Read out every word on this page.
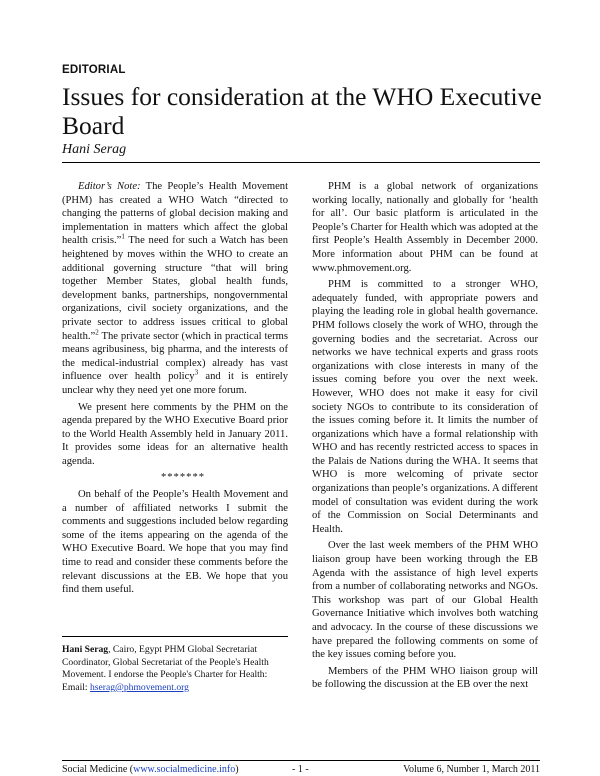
EDITORIAL
Issues for consideration at the WHO Executive Board
Hani Serag

Editor’s Note: The People’s Health Movement (PHM) has created a WHO Watch “directed to changing the patterns of global decision making and implementation in matters which affect the global health crisis.”$^1$ The need for such a Watch has been heightened by moves within the WHO to create an additional governing structure “that will bring together Member States, global health funds, development banks, partnerships, nongovernmental organizations, civil society organizations, and the private sector to address issues critical to global health.”$^2$ The private sector (which in practical terms means agribusiness, big pharma, and the interests of the medical-industrial complex) already has vast influence over health policy$^3$ and it is entirely unclear why they need yet one more forum.

We present here comments by the PHM on the agenda prepared by the WHO Executive Board prior to the World Health Assembly held in January 2011. It provides some ideas for an alternative health agenda.

*******

On behalf of the People’s Health Movement and a number of affiliated networks I submit the comments and suggestions included below regarding some of the items appearing on the agenda of the WHO Executive Board. We hope that you may find time to read and consider these comments before the relevant discussions at the EB. We hope that you find them useful.

Hani Serag, Cairo, Egypt PHM Global Secretariat Coordinator, Global Secretariat of the People's Health Movement. I endorse the People's Charter for Health:
Email: hserag@phmovement.org

PHM is a global network of organizations working locally, nationally and globally for ‘health for all’. Our basic platform is articulated in the People’s Charter for Health which was adopted at the first People’s Health Assembly in December 2000. More information about PHM can be found at www.phmovement.org.

PHM is committed to a stronger WHO, adequately funded, with appropriate powers and playing the leading role in global health governance. PHM follows closely the work of WHO, through the governing bodies and the secretariat. Across our networks we have technical experts and grass roots organizations with close interests in many of the issues coming before you over the next week. However, WHO does not make it easy for civil society NGOs to contribute to its consideration of the issues coming before it. It limits the number of organizations which have a formal relationship with WHO and has recently restricted access to spaces in the Palais de Nations during the WHA. It seems that WHO is more welcoming of private sector organizations than people’s organizations. A different model of consultation was evident during the work of the Commission on Social Determinants and Health.

Over the last week members of the PHM WHO liaison group have been working through the EB Agenda with the assistance of high level experts from a number of collaborating networks and NGOs. This workshop was part of our Global Health Governance Initiative which involves both watching and advocacy. In the course of these discussions we have prepared the following comments on some of the key issues coming before you.

Members of the PHM WHO liaison group will be following the discussion at the EB over the next

Social Medicine (www.socialmedicine.info)	- 1 -	Volume 6, Number 1, March 2011
